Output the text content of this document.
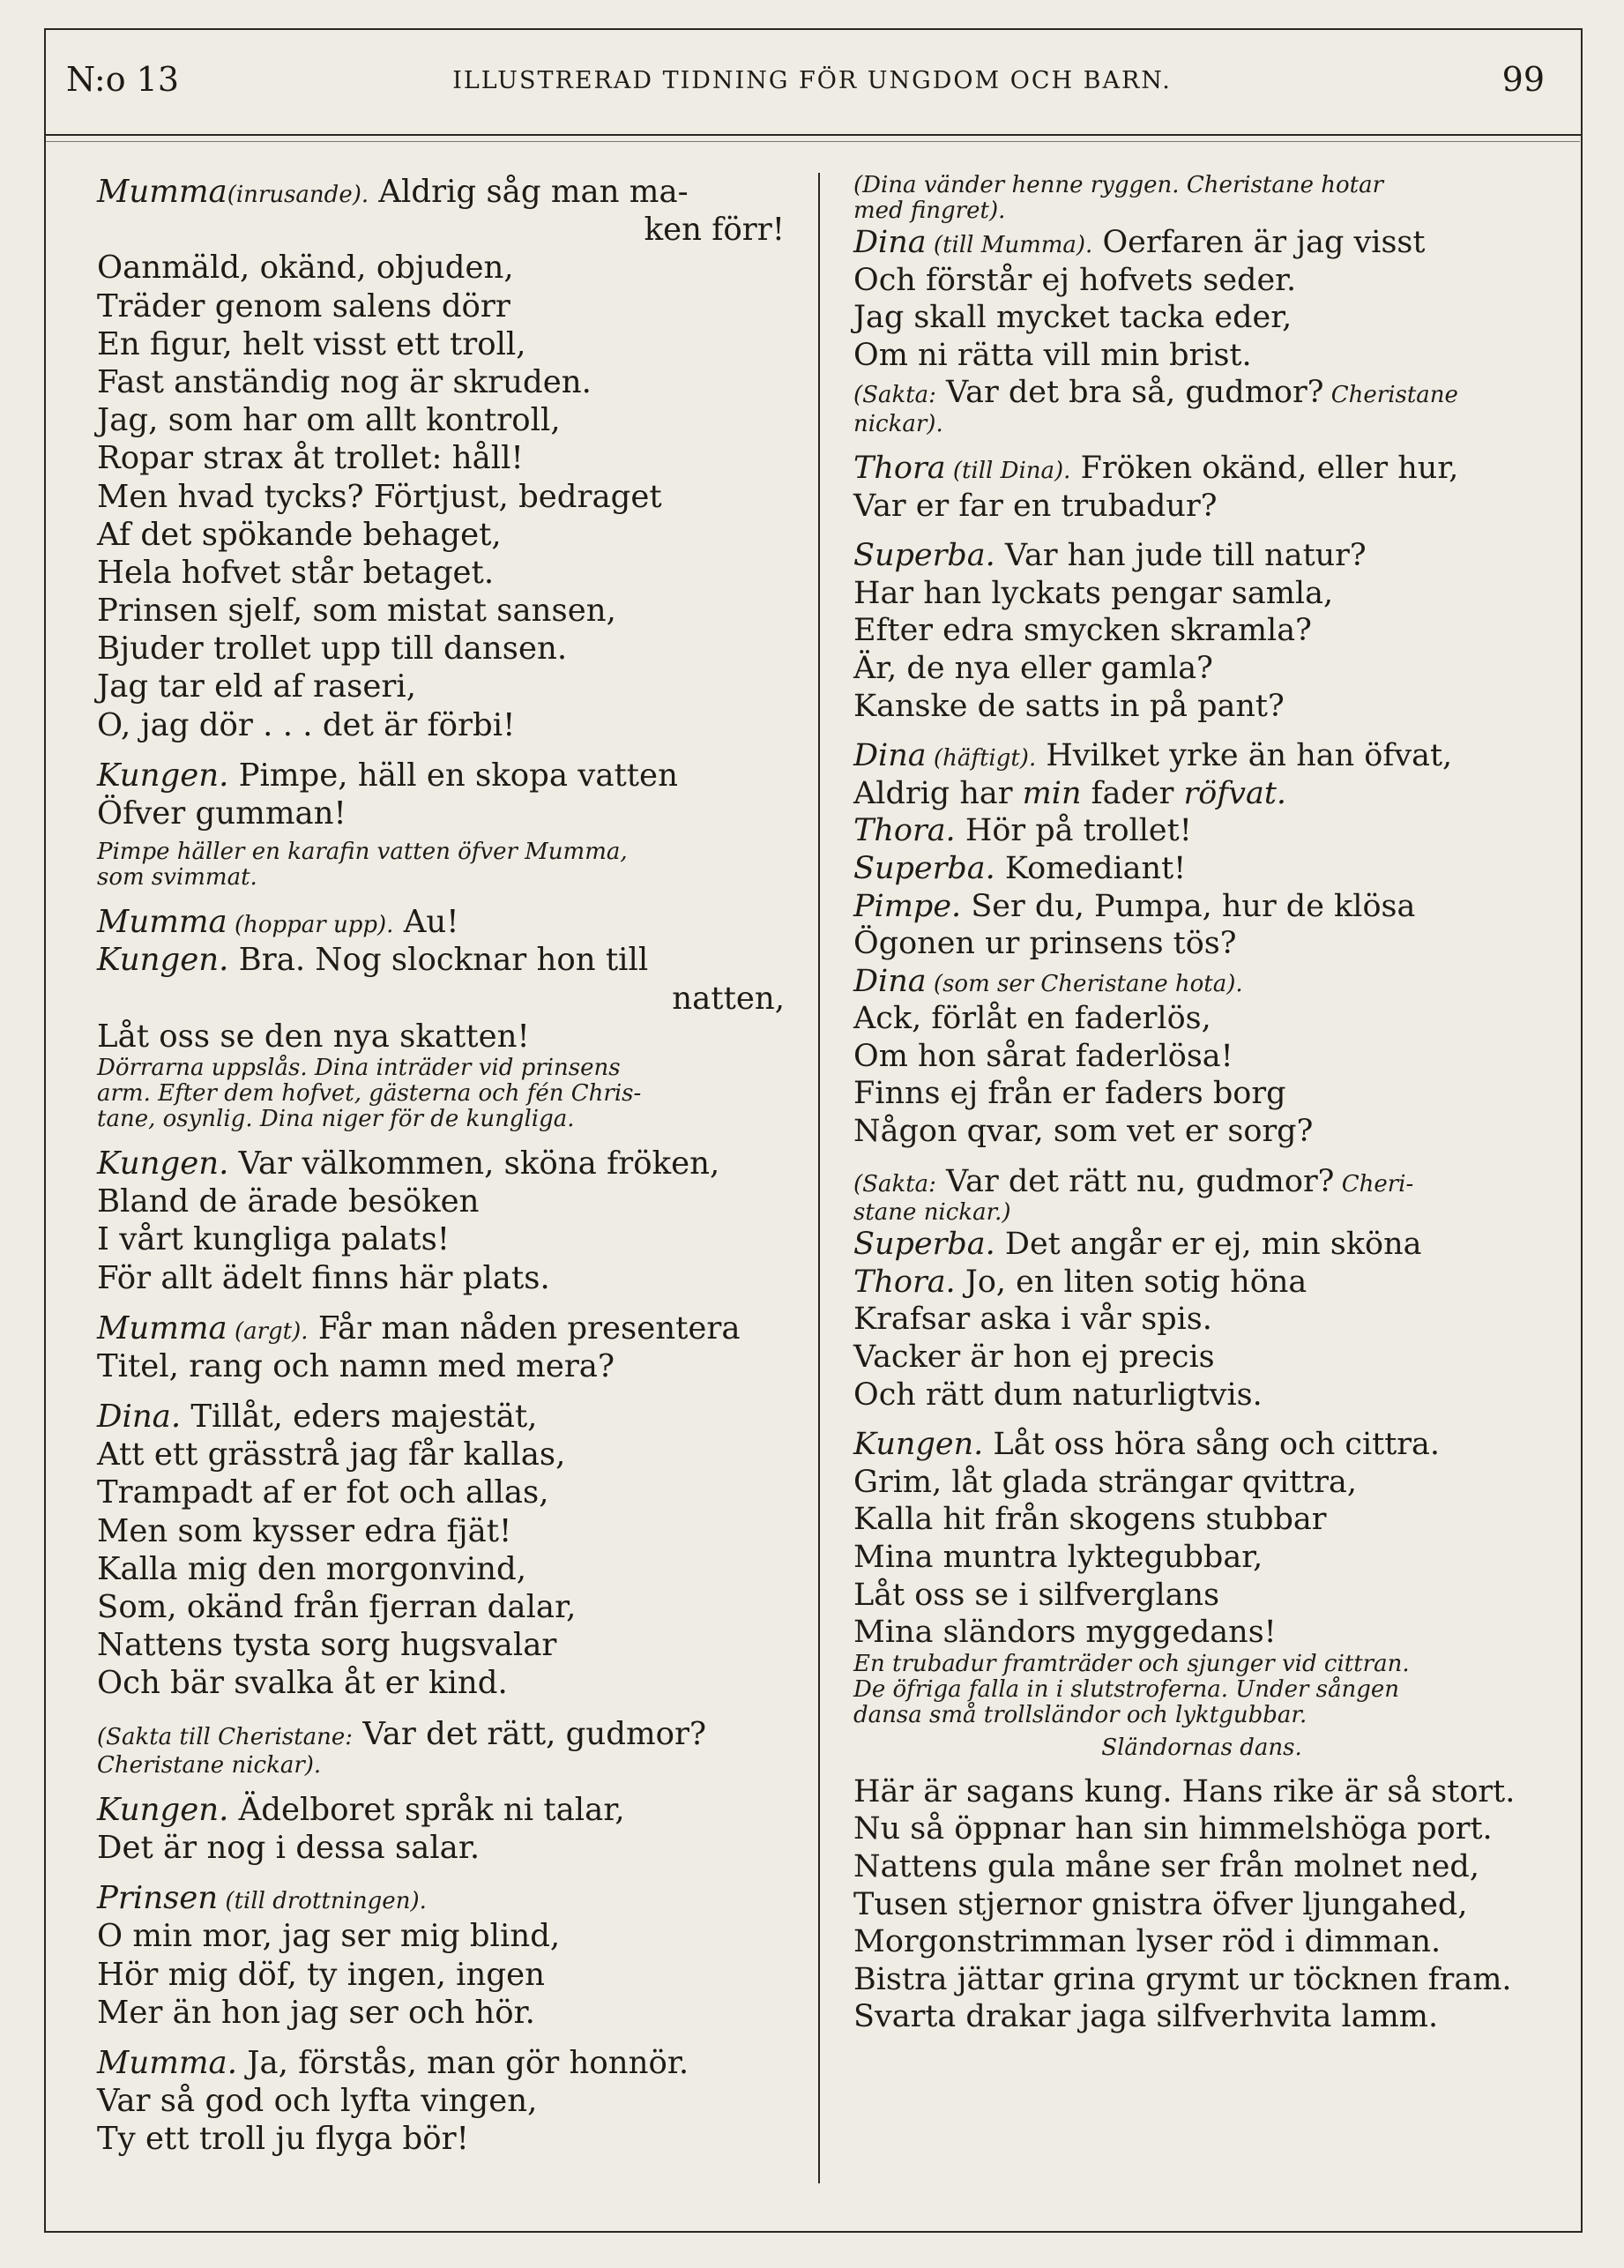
N:o 13	ILLUSTRERAD TIDNING FÖR UNGDOM OCH BARN.	99
Mumma(inrusande). Aldrig såg man ma-
ken förr!
Oanmäld, okänd, objuden,
Träder genom salens dörr
En figur, helt visst ett troll,
Fast anständig nog är skruden.
Jag, som har om allt kontroll,
Ropar strax åt trollet: håll!
Men hvad tycks? Förtjust, bedraget
Af det spökande behaget,
Hela hofvet står betaget.
Prinsen sjelf, som mistat sansen,
Bjuder trollet upp till dansen.
Jag tar eld af raseri,
O, jag dör . . . det är förbi!
Kungen. Pimpe, häll en skopa vatten
Öfver gumman!
Pimpe häller en karafin vatten öfver Mumma,
som svimmat.
Mumma (hoppar upp). Au!
Kungen. Bra. Nog slocknar hon till
natten,
Låt oss se den nya skatten!
Dörrarna uppslås. Dina inträder vid prinsens
arm. Efter dem hofvet, gästerna och fén Chris-
tane, osynlig. Dina niger för de kungliga.
Kungen. Var välkommen, sköna fröken,
Bland de ärade besöken
I vårt kungliga palats!
För allt ädelt finns här plats.
Mumma (argt). Får man nåden presentera
Titel, rang och namn med mera?
Dina. Tillåt, eders majestät,
Att ett grässtrå jag får kallas,
Trampadt af er fot och allas,
Men som kysser edra fjät!
Kalla mig den morgonvind,
Som, okänd från fjerran dalar,
Nattens tysta sorg hugsvalar
Och bär svalka åt er kind.
(Sakta till Cheristane: Var det rätt, gudmor?
Cheristane nickar).
Kungen. Ädelboret språk ni talar,
Det är nog i dessa salar.
Prinsen (till drottningen).
O min mor, jag ser mig blind,
Hör mig döf, ty ingen, ingen
Mer än hon jag ser och hör.
Mumma. Ja, förstås, man gör honnör.
Var så god och lyfta vingen,
Ty ett troll ju flyga bör!
(Dina vänder henne ryggen. Cheristane hotar
med fingret).
Dina (till Mumma). Oerfaren är jag visst
Och förstår ej hofvets seder.
Jag skall mycket tacka eder,
Om ni rätta vill min brist.
(Sakta: Var det bra så, gudmor? Cheristane
nickar).
Thora (till Dina). Fröken okänd, eller hur,
Var er far en trubadur?
Superba. Var han jude till natur?
Har han lyckats pengar samla,
Efter edra smycken skramla?
Är, de nya eller gamla?
Kanske de satts in på pant?
Dina (häftigt). Hvilket yrke än han öfvat,
Aldrig har min fader röfvat.
Thora. Hör på trollet!
Superba. Komediant!
Pimpe. Ser du, Pumpa, hur de klösa
Ögonen ur prinsens tös?
Dina (som ser Cheristane hota).
Ack, förlåt en faderlös,
Om hon sårat faderlösa!
Finns ej från er faders borg
Någon qvar, som vet er sorg?
(Sakta: Var det rätt nu, gudmor? Cheri-
stane nickar.)
Superba. Det angår er ej, min sköna
Thora. Jo, en liten sotig höna
Krafsar aska i vår spis.
Vacker är hon ej precis
Och rätt dum naturligtvis.
Kungen. Låt oss höra sång och cittra.
Grim, låt glada strängar qvittra,
Kalla hit från skogens stubbar
Mina muntra lyktegubbar,
Låt oss se i silfverglans
Mina sländors myggedans!
En trubadur framträder och sjunger vid cittran.
De öfriga falla in i slutstroferna. Under sången
dansa små trollsländor och lyktgubbar.
Sländornas dans.
Här är sagans kung. Hans rike är så stort.
Nu så öppnar han sin himmelshöga port.
Nattens gula måne ser från molnet ned,
Tusen stjernor gnistra öfver ljungahed,
Morgonstrimman lyser röd i dimman.
Bistra jättar grina grymt ur töcknen fram.
Svarta drakar jaga silfverhvita lamm.
